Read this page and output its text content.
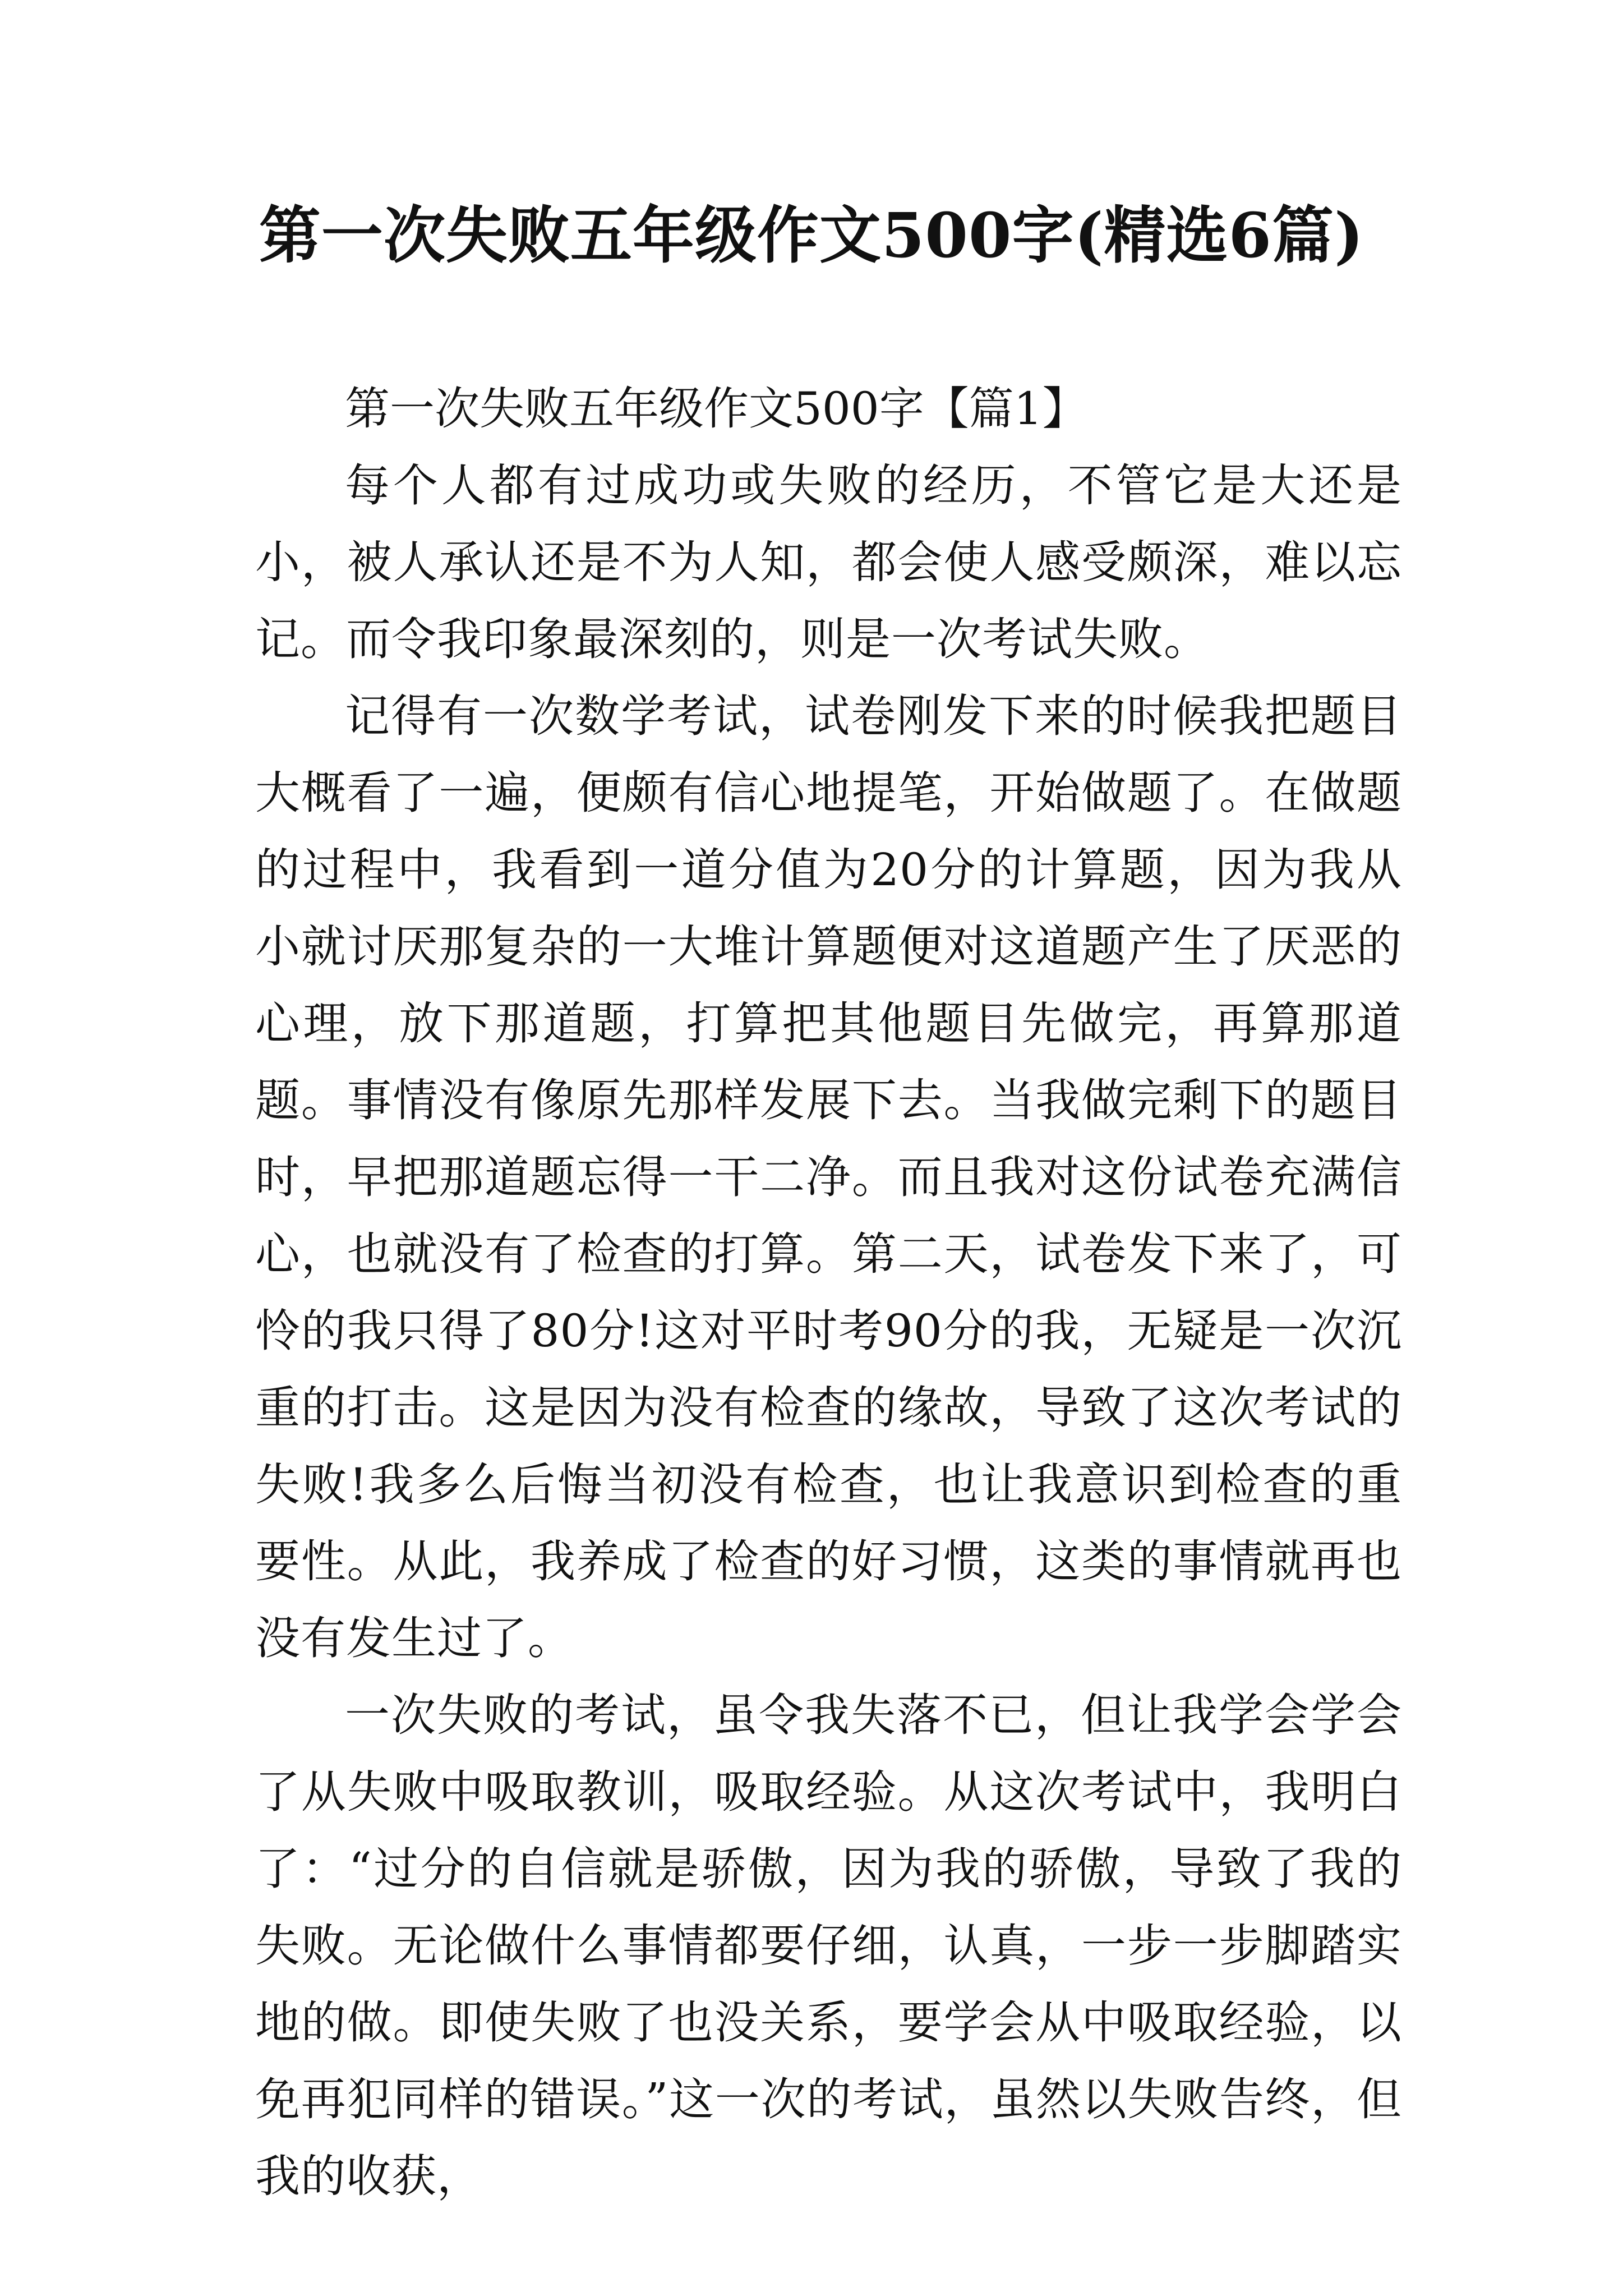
第一次失败五年级作文500字(精选6篇)

第一次失败五年级作文500字【篇1】

每个人都有过成功或失败的经历，不管它是大还是小，被人承认还是不为人知，都会使人感受颇深，难以忘记。而令我印象最深刻的，则是一次考试失败。

记得有一次数学考试，试卷刚发下来的时候我把题目大概看了一遍，便颇有信心地提笔，开始做题了。在做题的过程中，我看到一道分值为20分的计算题，因为我从小就讨厌那复杂的一大堆计算题便对这道题产生了厌恶的心理，放下那道题，打算把其他题目先做完，再算那道题。事情没有像原先那样发展下去。当我做完剩下的题目时，早把那道题忘得一干二净。而且我对这份试卷充满信心，也就没有了检查的打算。第二天，试卷发下来了，可怜的我只得了80分!这对平时考90分的我，无疑是一次沉重的打击。这是因为没有检查的缘故，导致了这次考试的失败!我多么后悔当初没有检查，也让我意识到检查的重要性。从此，我养成了检查的好习惯，这类的事情就再也没有发生过了。

一次失败的考试，虽令我失落不已，但让我学会学会了从失败中吸取教训，吸取经验。从这次考试中，我明白了：“过分的自信就是骄傲，因为我的骄傲，导致了我的失败。无论做什么事情都要仔细，认真，一步一步脚踏实地的做。即使失败了也没关系，要学会从中吸取经验，以免再犯同样的错误。”这一次的考试，虽然以失败告终，但我的收获，
